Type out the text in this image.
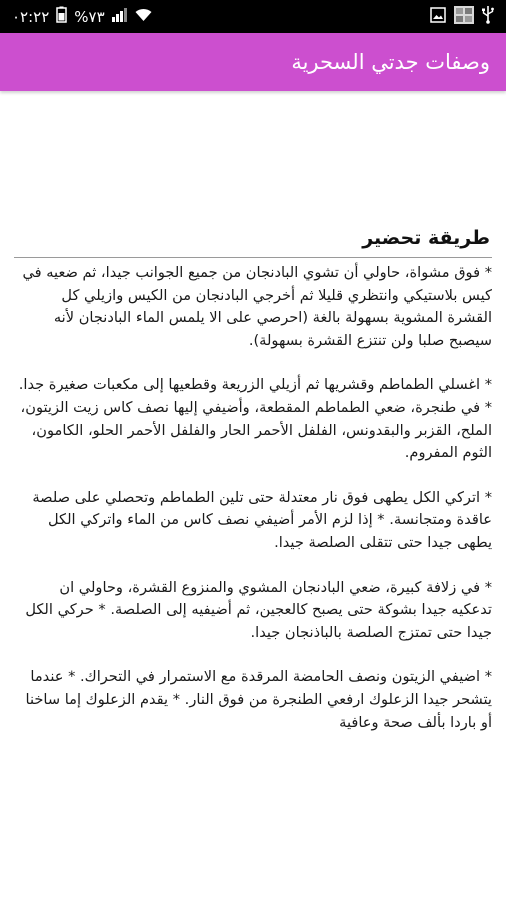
٠٢:٢٢ %٧٣
وصفات جدتي السحرية
طريقة تحضير

* فوق مشواة، حاولي أن تشوي البادنجان من جميع الجوانب جيدا، ثم ضعيه في كيس بلاستيكي وانتظري قليلا ثم أخرجي البادنجان من الكيس وازيلي كل القشرة المشوية بسهولة بالغة (احرصي على الا يلمس الماء البادنجان لأنه سيصبح صلبا ولن تنتزع القشرة بسهولة).

* اغسلي الطماطم وقشريها ثم أزيلي الزريعة وقطعيها إلى مكعبات صغيرة جدا. * في طنجرة، ضعي الطماطم المقطعة، وأضيفي إليها نصف كاس زيت الزيتون، الملح، القزبر والبقدونس، الفلفل الأحمر الحار والفلفل الأحمر الحلو، الكامون، الثوم المفروم.

* اتركي الكل يطهى فوق نار معتدلة حتى تلين الطماطم وتحصلي على صلصة عاقدة ومتجانسة. * إذا لزم الأمر أضيفي نصف كاس من الماء واتركي الكل يطهى جيدا حتى تتقلى الصلصة جيدا.

* في زلافة كبيرة، ضعي البادنجان المشوي والمنزوع القشرة، وحاولي ان تدعكيه جيدا بشوكة حتى يصبح كالعجين، ثم أضيفيه إلى الصلصة. * حركي الكل جيدا حتى تمتزج الصلصة بالباذنجان جيدا.

* اضيفي الزيتون ونصف الحامضة المرقدة مع الاستمرار في التحراك. * عندما يتشحر جيدا الزعلوك ارفعي الطنجرة من فوق النار. * يقدم الزعلوك إما ساخنا أو باردا بألف صحة وعافية
